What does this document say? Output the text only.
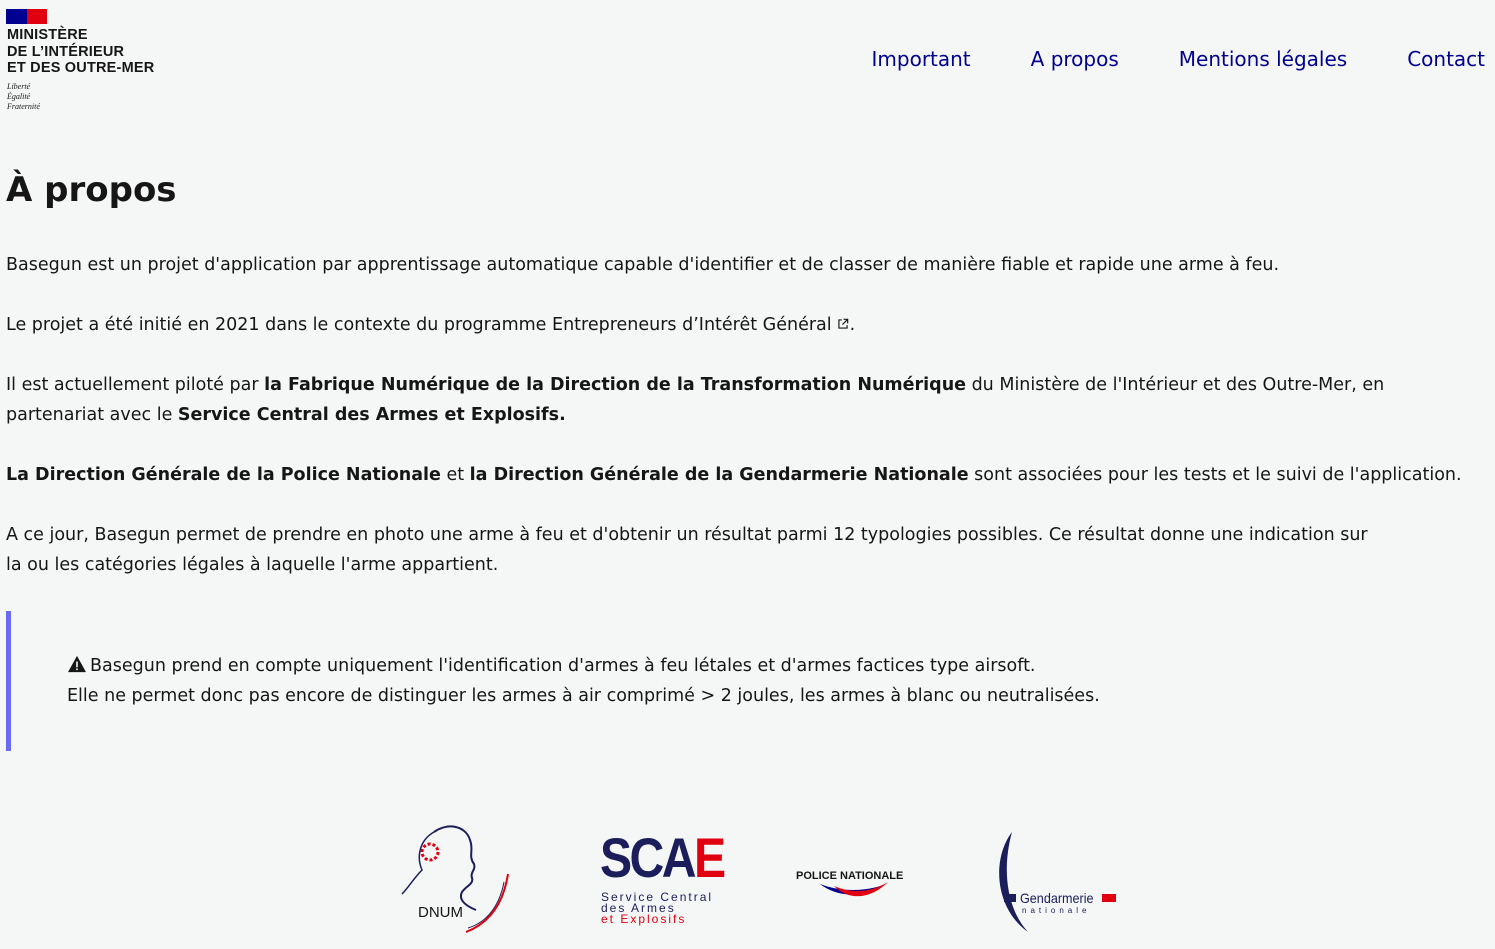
MINISTÈRE
DE L’INTÉRIEUR
ET DES OUTRE-MER
Liberté
Égalité
Fraternité
Important	A propos	Mentions légales	Contact
À propos

Basegun est un projet d'application par apprentissage automatique capable d'identifier et de classer de manière fiable et rapide une arme à feu.

Le projet a été initié en 2021 dans le contexte du programme Entrepreneurs d’Intérêt Général .

Il est actuellement piloté par la Fabrique Numérique de la Direction de la Transformation Numérique du Ministère de l'Intérieur et des Outre-Mer, en

partenariat avec le Service Central des Armes et Explosifs.

La Direction Générale de la Police Nationale et la Direction Générale de la Gendarmerie Nationale sont associées pour les tests et le suivi de l'application.

A ce jour, Basegun permet de prendre en photo une arme à feu et d'obtenir un résultat parmi 12 typologies possibles. Ce résultat donne une indication sur

la ou les catégories légales à laquelle l'arme appartient.

Basegun prend en compte uniquement l'identification d'armes à feu létales et d'armes factices type airsoft.

Elle ne permet donc pas encore de distinguer les armes à air comprimé > 2 joules, les armes à blanc ou neutralisées.

DNUM
SCAE
Service Central
des Armes
et Explosifs
POLICE NATIONALE
Gendarmerie
nationale
